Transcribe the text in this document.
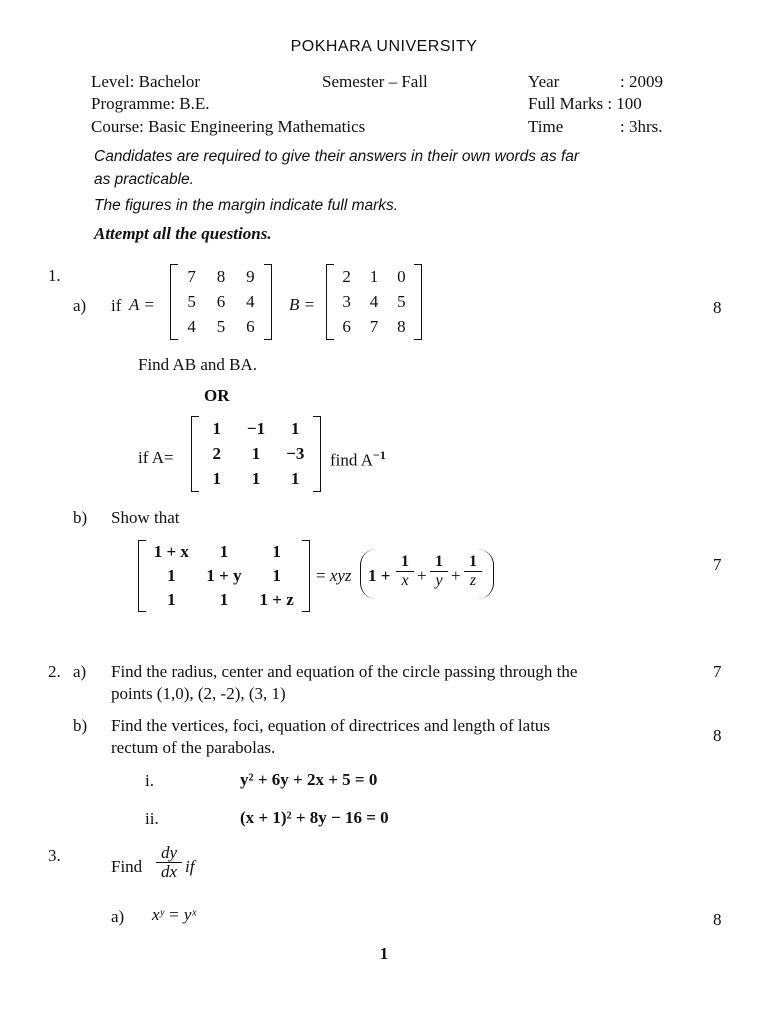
POKHARA UNIVERSITY
Level: Bachelor	Semester – Fall	Year	: 2009
Programme: B.E.	Full Marks : 100
Course: Basic Engineering Mathematics	Time	: 3hrs.
Candidates are required to give their answers in their own words as far
as practicable.
The figures in the margin indicate full marks.
Attempt all the questions.
1.
a) if A =
7	8	9
5	6	4
4	5	6
B =
2	1	0
3	4	5
6	7	8
8
Find AB and BA.
OR
if A=
1	−1	1
2	1	−3
1	1	1
find $A^{-1}$
b) Show that
1 + x	1	1
1	1 + y	1
1	1	1 + z
= xyz $1 + \frac{1}{x} + \frac{1}{y} + \frac{1}{z}$	7
2. a) Find the radius, center and equation of the circle passing through the
points (1,0), (2, -2), (3, 1)
7
b) Find the vertices, foci, equation of directrices and length of latus
rectum of the parabolas.
8
i.	y² + 6y + 2x + 5 = 0
ii.	(x + 1)² + 8y − 16 = 0
3.
Find $\frac{dy}{dx}$ if
a) xʸ = yˣ	8
1
